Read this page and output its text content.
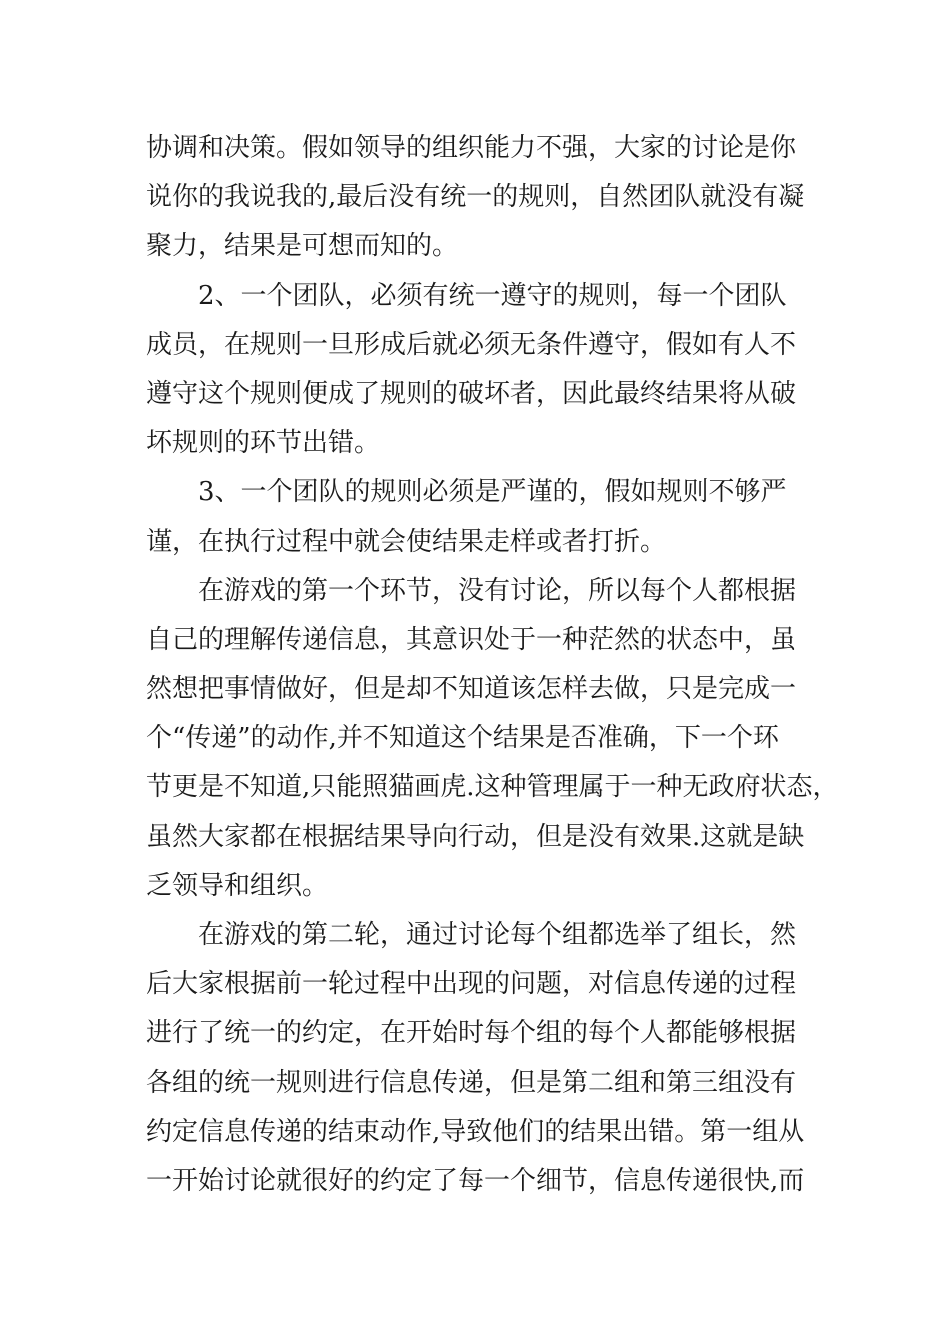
协调和决策。假如领导的组织能力不强，大家的讨论是你
说你的我说我的,最后没有统一的规则，自然团队就没有凝
聚力，结果是可想而知的。
　　2、一个团队，必须有统一遵守的规则，每一个团队
成员，在规则一旦形成后就必须无条件遵守，假如有人不
遵守这个规则便成了规则的破坏者，因此最终结果将从破
坏规则的环节出错。
　　3、一个团队的规则必须是严谨的，假如规则不够严
谨，在执行过程中就会使结果走样或者打折。
　　在游戏的第一个环节，没有讨论，所以每个人都根据
自己的理解传递信息，其意识处于一种茫然的状态中，虽
然想把事情做好，但是却不知道该怎样去做，只是完成一
个“传递”的动作,并不知道这个结果是否准确，下一个环
节更是不知道,只能照猫画虎.这种管理属于一种无政府状态，
虽然大家都在根据结果导向行动，但是没有效果.这就是缺
乏领导和组织。
　　在游戏的第二轮，通过讨论每个组都选举了组长，然
后大家根据前一轮过程中出现的问题，对信息传递的过程
进行了统一的约定，在开始时每个组的每个人都能够根据
各组的统一规则进行信息传递，但是第二组和第三组没有
约定信息传递的结束动作,导致他们的结果出错。第一组从
一开始讨论就很好的约定了每一个细节，信息传递很快,而
